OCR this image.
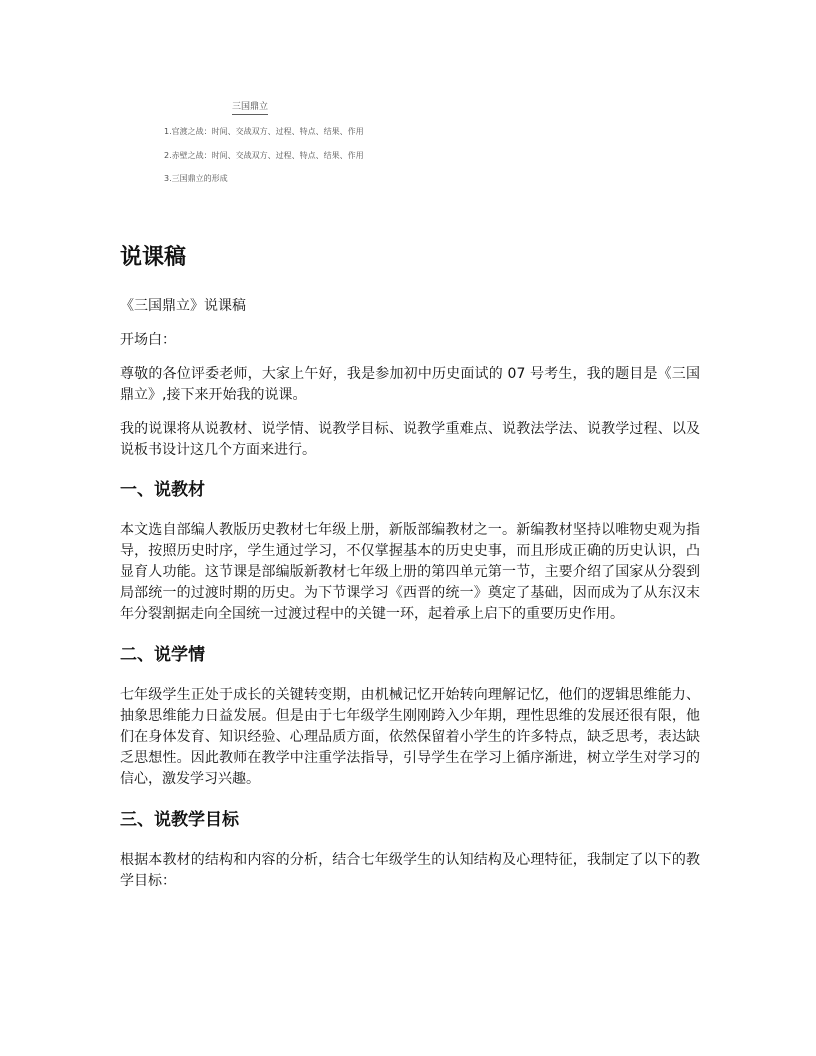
三国鼎立
1.官渡之战：时间、交战双方、过程、特点、结果、作用
2.赤壁之战：时间、交战双方、过程、特点、结果、作用
3.三国鼎立的形成
说课稿

《三国鼎立》说课稿

开场白：

尊敬的各位评委老师，大家上午好，我是参加初中历史面试的 07 号考生，我的题目是《三国鼎立》,接下来开始我的说课。

我的说课将从说教材、说学情、说教学目标、说教学重难点、说教法学法、说教学过程、以及说板书设计这几个方面来进行。

一、说教材

本文选自部编人教版历史教材七年级上册，新版部编教材之一。新编教材坚持以唯物史观为指导，按照历史时序，学生通过学习，不仅掌握基本的历史史事，而且形成正确的历史认识，凸显育人功能。这节课是部编版新教材七年级上册的第四单元第一节，主要介绍了国家从分裂到局部统一的过渡时期的历史。为下节课学习《西晋的统一》奠定了基础，因而成为了从东汉末年分裂割据走向全国统一过渡过程中的关键一环，起着承上启下的重要历史作用。

二、说学情

七年级学生正处于成长的关键转变期，由机械记忆开始转向理解记忆，他们的逻辑思维能力、抽象思维能力日益发展。但是由于七年级学生刚刚跨入少年期，理性思维的发展还很有限，他们在身体发育、知识经验、心理品质方面，依然保留着小学生的许多特点，缺乏思考，表达缺乏思想性。因此教师在教学中注重学法指导，引导学生在学习上循序渐进，树立学生对学习的信心，激发学习兴趣。

三、说教学目标

根据本教材的结构和内容的分析，结合七年级学生的认知结构及心理特征，我制定了以下的教学目标：
